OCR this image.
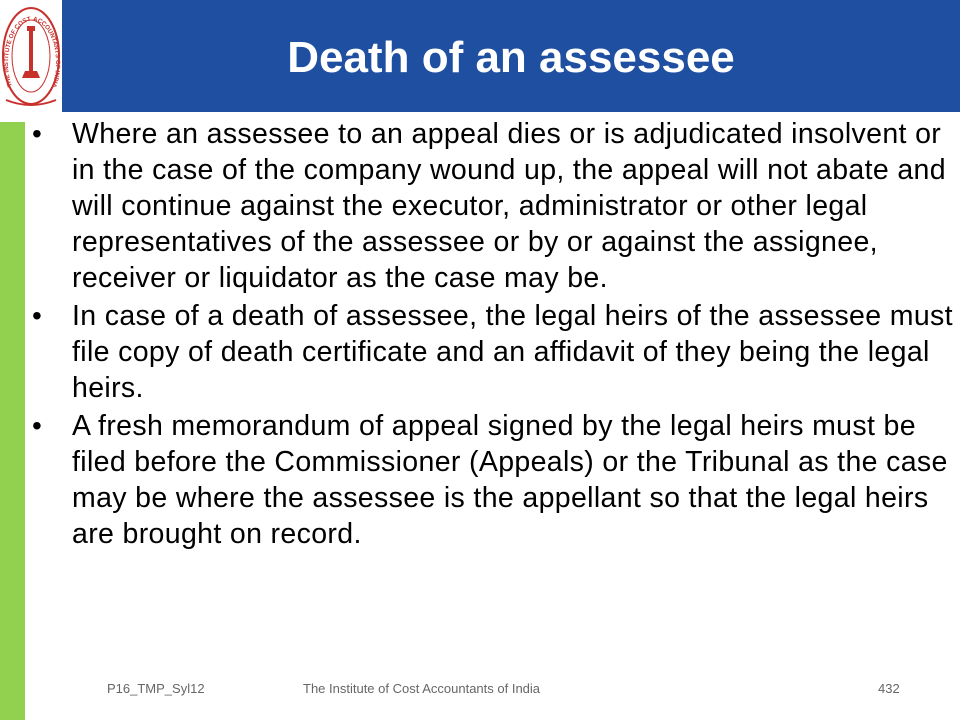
THE INSTITUTE OF COST ACCOUNTANTS OF INDIA
Death of an assessee
•	Where an assessee to an appeal dies or is adjudicated insolvent or in the case of the company wound up, the appeal will not abate and will continue against the executor, administrator or other legal representatives of the assessee or by or against the assignee, receiver or liquidator as the case may be.
•	In case of a death of assessee, the legal heirs of the assessee must file copy of death certificate and an affidavit of they being the legal heirs.
•	A fresh memorandum of appeal signed by the legal heirs must be filed before the Commissioner (Appeals) or the Tribunal as the case may be where the assessee is the appellant so that the legal heirs are brought on record.
P16_TMP_Syl12	The Institute of Cost Accountants of India	432
